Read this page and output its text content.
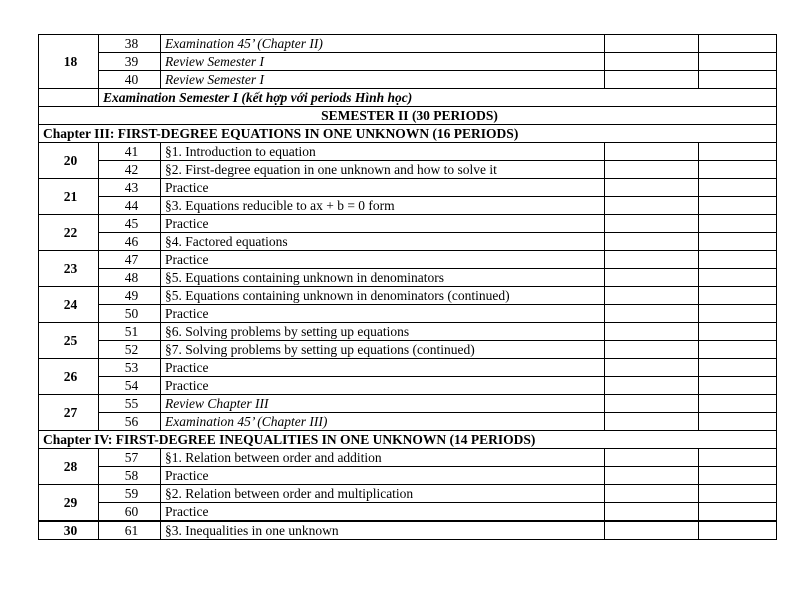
18	38	Examination 45’ (Chapter II)		
	39	Review Semester I		
	40	Review Semester I		
	Examination Semester I (kết hợp với periods Hình học)			
SEMESTER II (30 PERIODS)				
Chapter III: FIRST-DEGREE EQUATIONS IN ONE UNKNOWN (16 PERIODS)				
20	41	§1. Introduction to equation		
	42	§2. First-degree equation in one unknown and how to solve it		
21	43	Practice		
	44	§3. Equations reducible to ax + b = 0 form		
22	45	Practice		
	46	§4. Factored equations		
23	47	Practice		
	48	§5. Equations containing unknown in denominators		
24	49	§5. Equations containing unknown in denominators (continued)		
	50	Practice		
25	51	§6. Solving problems by setting up equations		
	52	§7. Solving problems by setting up equations (continued)		
26	53	Practice		
	54	Practice		
27	55	Review Chapter III		
	56	Examination 45’ (Chapter III)		
Chapter IV: FIRST-DEGREE INEQUALITIES IN ONE UNKNOWN (14 PERIODS)				
28	57	§1. Relation between order and addition		
	58	Practice		
29	59	§2. Relation between order and multiplication		
	60	Practice		
30	61	§3. Inequalities in one unknown		
